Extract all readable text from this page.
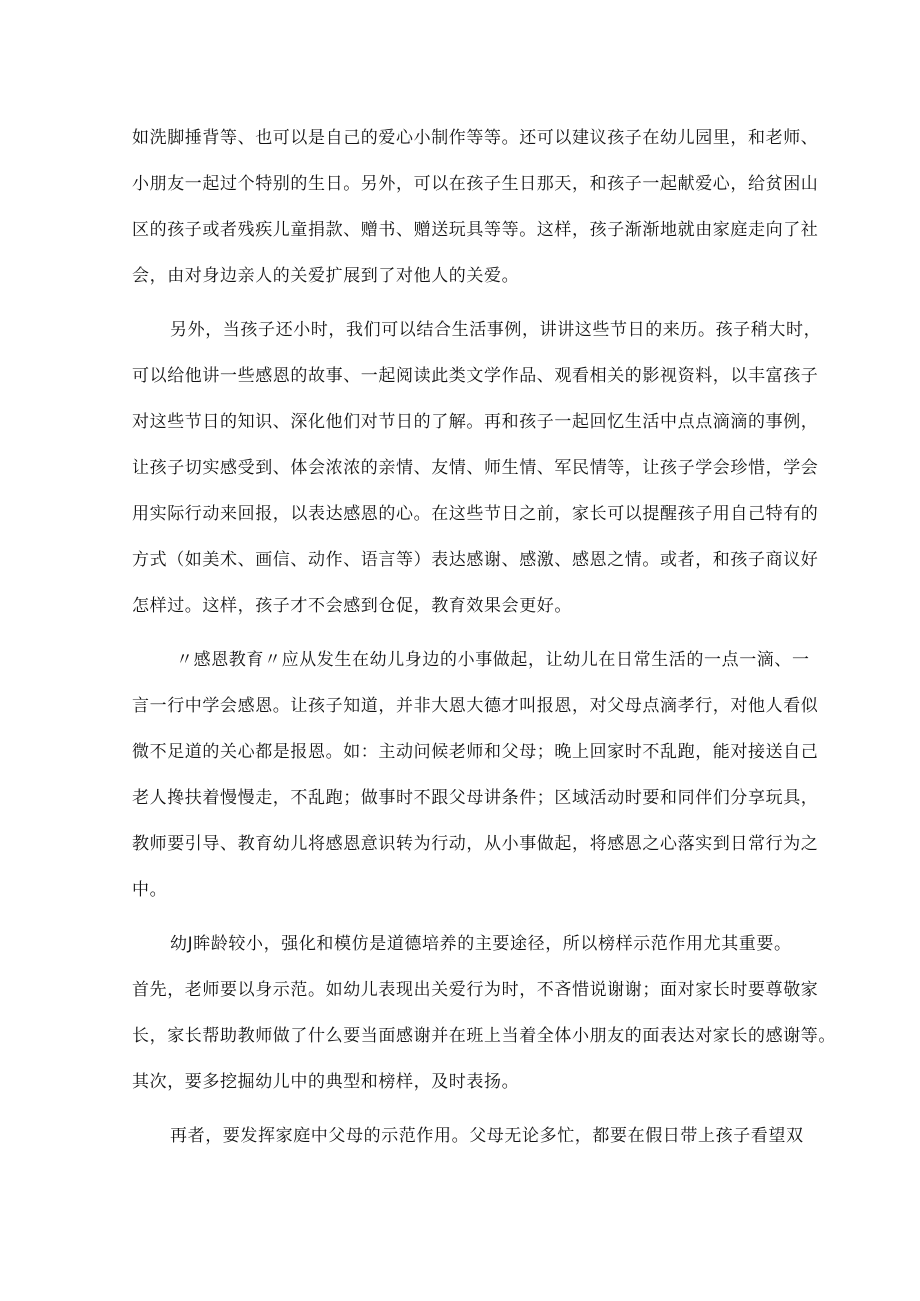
如洗脚捶背等、也可以是自己的爱心小制作等等。还可以建议孩子在幼儿园里，和老师、
小朋友一起过个特别的生日。另外，可以在孩子生日那天，和孩子一起献爱心，给贫困山
区的孩子或者残疾儿童捐款、赠书、赠送玩具等等。这样，孩子渐渐地就由家庭走向了社
会，由对身边亲人的关爱扩展到了对他人的关爱。
另外，当孩子还小时，我们可以结合生活事例，讲讲这些节日的来历。孩子稍大时，
可以给他讲一些感恩的故事、一起阅读此类文学作品、观看相关的影视资料，以丰富孩子
对这些节日的知识、深化他们对节日的了解。再和孩子一起回忆生活中点点滴滴的事例，
让孩子切实感受到、体会浓浓的亲情、友情、师生情、军民情等，让孩子学会珍惜，学会
用实际行动来回报，以表达感恩的心。在这些节日之前，家长可以提醒孩子用自己特有的
方式（如美术、画信、动作、语言等）表达感谢、感激、感恩之情。或者，和孩子商议好
怎样过。这样，孩子才不会感到仓促，教育效果会更好。
〃感恩教育〃应从发生在幼儿身边的小事做起，让幼儿在日常生活的一点一滴、一
言一行中学会感恩。让孩子知道，并非大恩大德才叫报恩，对父母点滴孝行，对他人看似
微不足道的关心都是报恩。如：主动问候老师和父母；晚上回家时不乱跑，能对接送自己
老人搀扶着慢慢走，不乱跑；做事时不跟父母讲条件；区域活动时要和同伴们分享玩具，
教师要引导、教育幼儿将感恩意识转为行动，从小事做起，将感恩之心落实到日常行为之
中。
幼J眸龄较小，强化和模仿是道德培养的主要途径，所以榜样示范作用尤其重要。
首先，老师要以身示范。如幼儿表现出关爱行为时，不吝惜说谢谢；面对家长时要尊敬家
长，家长帮助教师做了什么要当面感谢并在班上当着全体小朋友的面表达对家长的感谢等。
其次，要多挖掘幼儿中的典型和榜样，及时表扬。
再者，要发挥家庭中父母的示范作用。父母无论多忙，都要在假日带上孩子看望双
